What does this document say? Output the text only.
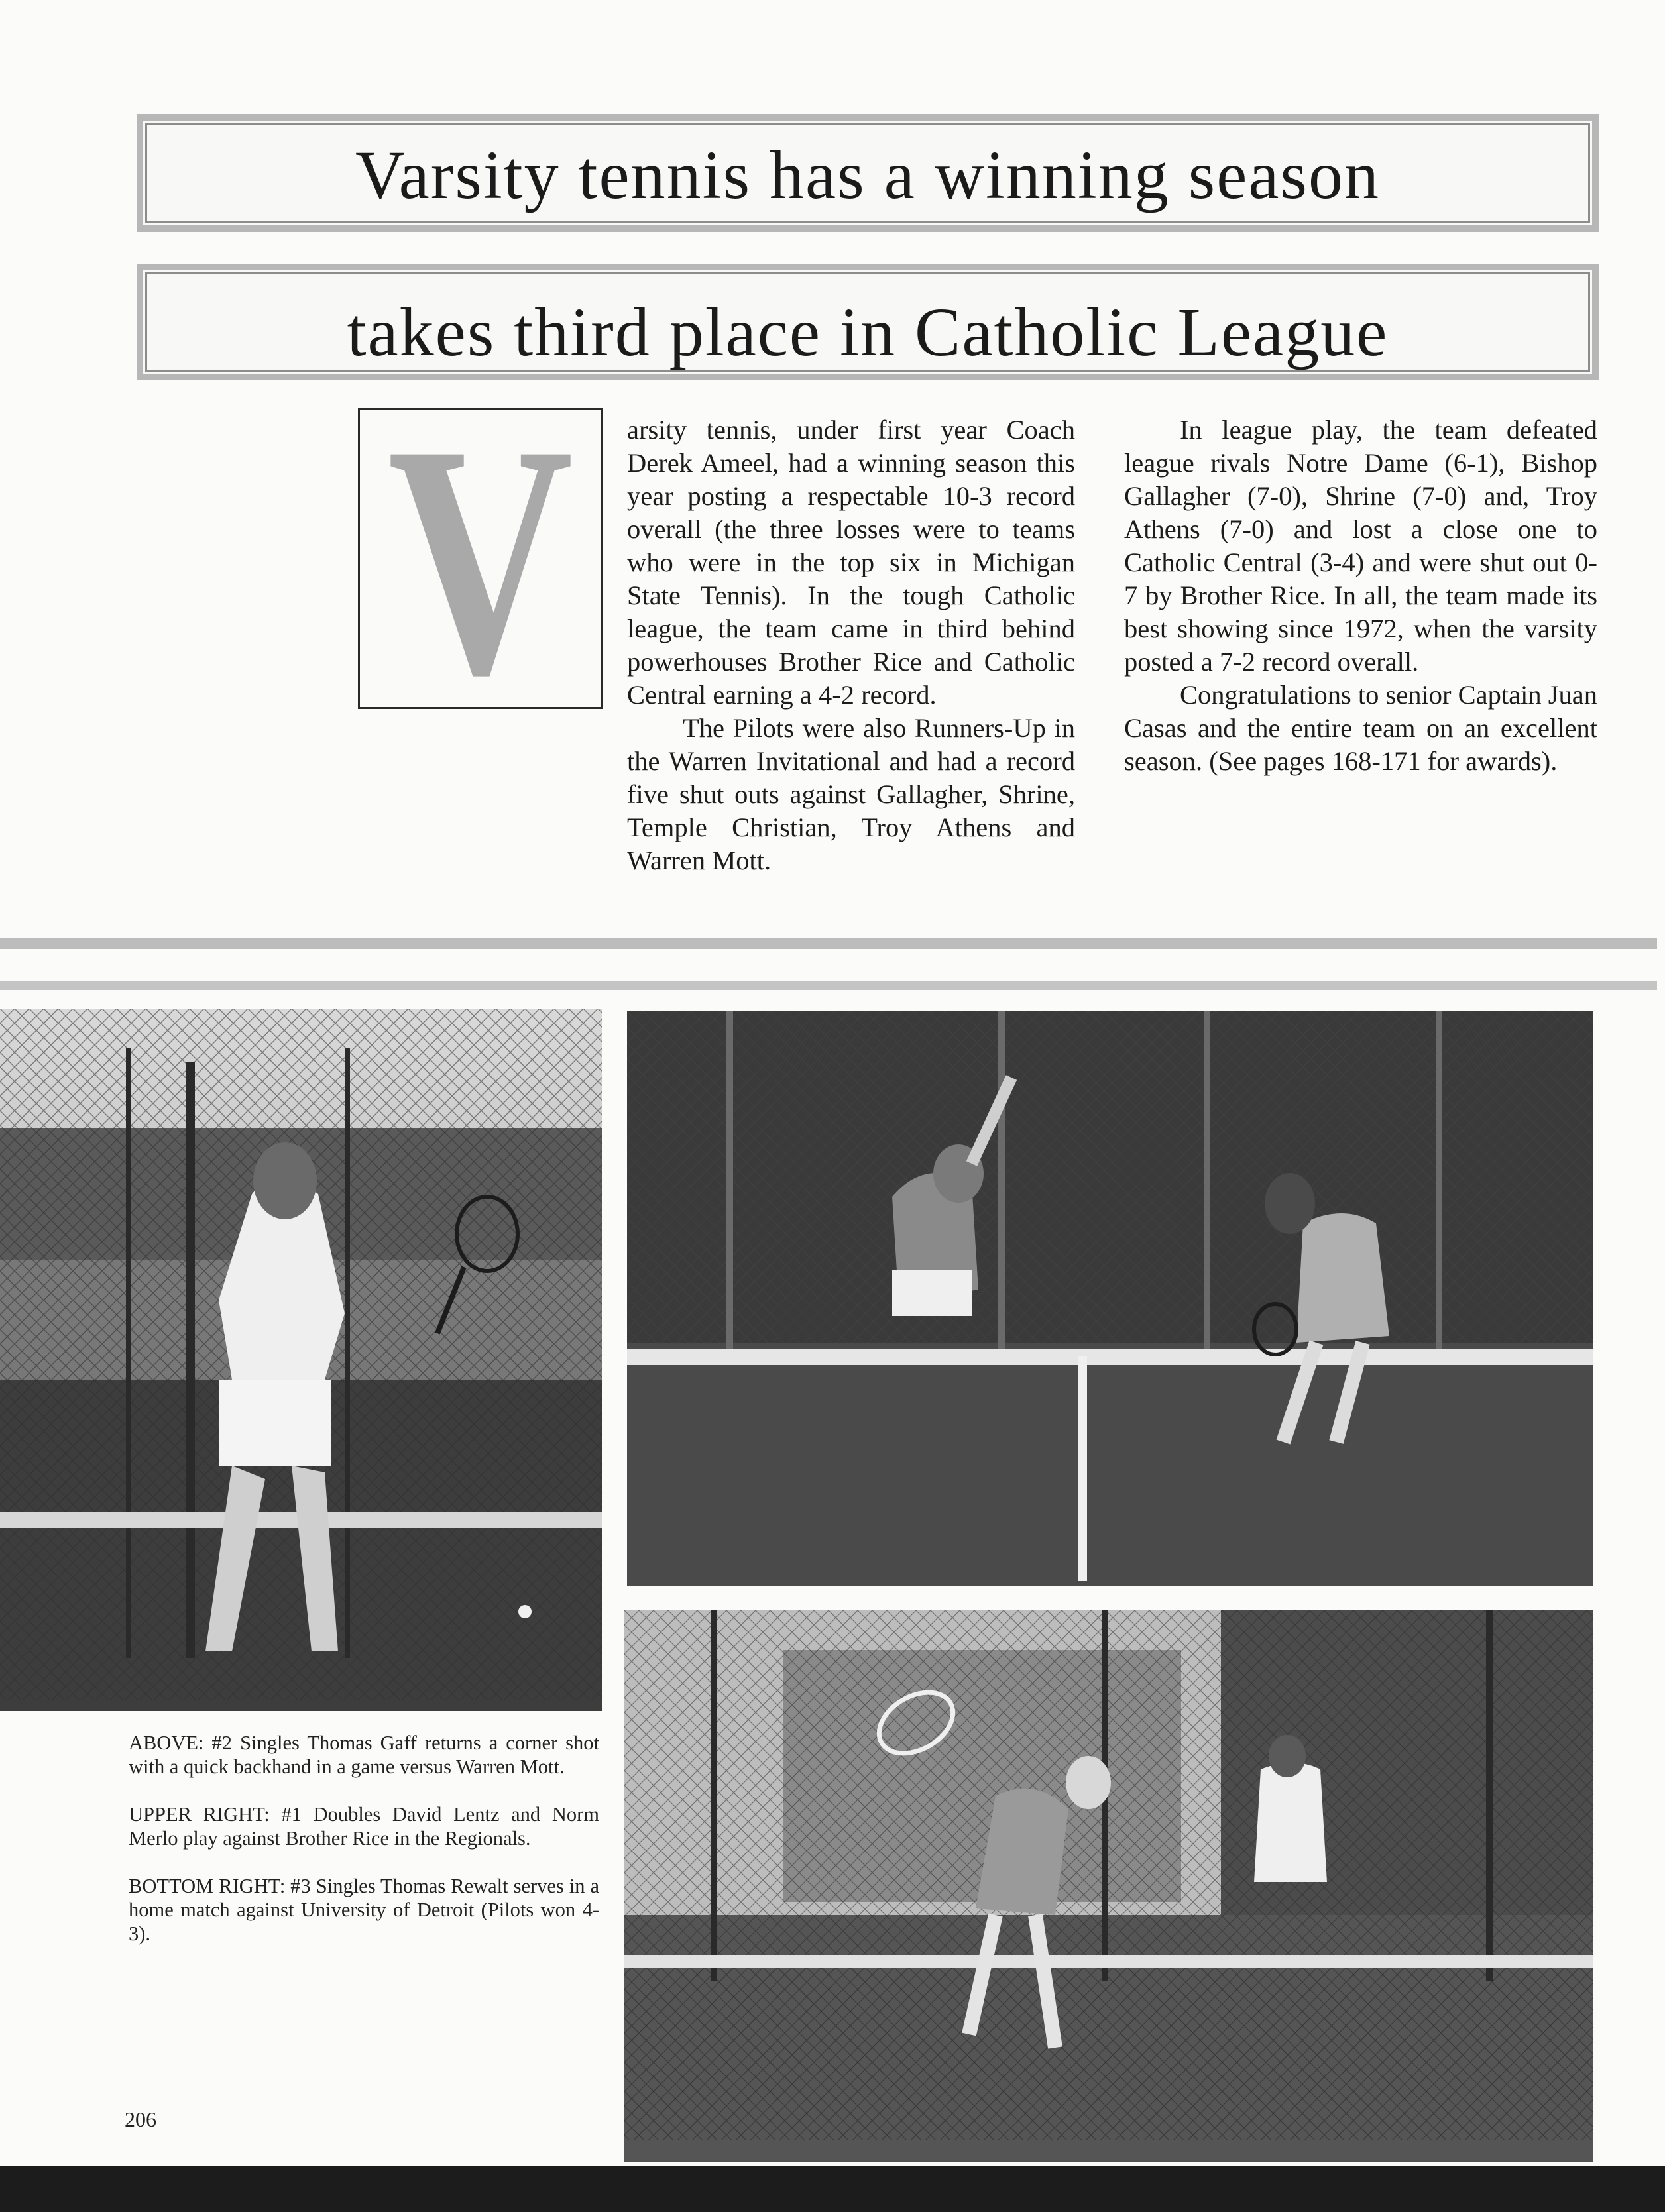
Varsity tennis has a winning season
takes third place in Catholic League
V arsity tennis, under first year Coach Derek Ameel, had a winning season this year posting a respectable 10-3 record overall (the three losses were to teams who were in the top six in Michigan State Tennis). In the tough Catholic league, the team came in third behind powerhouses Brother Rice and Catholic Central earning a 4-2 record.

The Pilots were also Runners-Up in the Warren Invitational and had a record five shut outs against Gallagher, Shrine, Temple Christian, Troy Athens and Warren Mott.

In league play, the team defeated league rivals Notre Dame (6-1), Bishop Gallagher (7-0), Shrine (7-0) and, Troy Athens (7-0) and lost a close one to Catholic Central (3-4) and were shut out 0-7 by Brother Rice. In all, the team made its best showing since 1972, when the varsity posted a 7-2 record overall.

Congratulations to senior Captain Juan Casas and the entire team on an excellent season. (See pages 168-171 for awards).

ABOVE: #2 Singles Thomas Gaff returns a corner shot with a quick backhand in a game versus Warren Mott.

UPPER RIGHT: #1 Doubles David Lentz and Norm Merlo play against Brother Rice in the Regionals.

BOTTOM RIGHT: #3 Singles Thomas Rewalt serves in a home match against University of Detroit (Pilots won 4-3).

206
